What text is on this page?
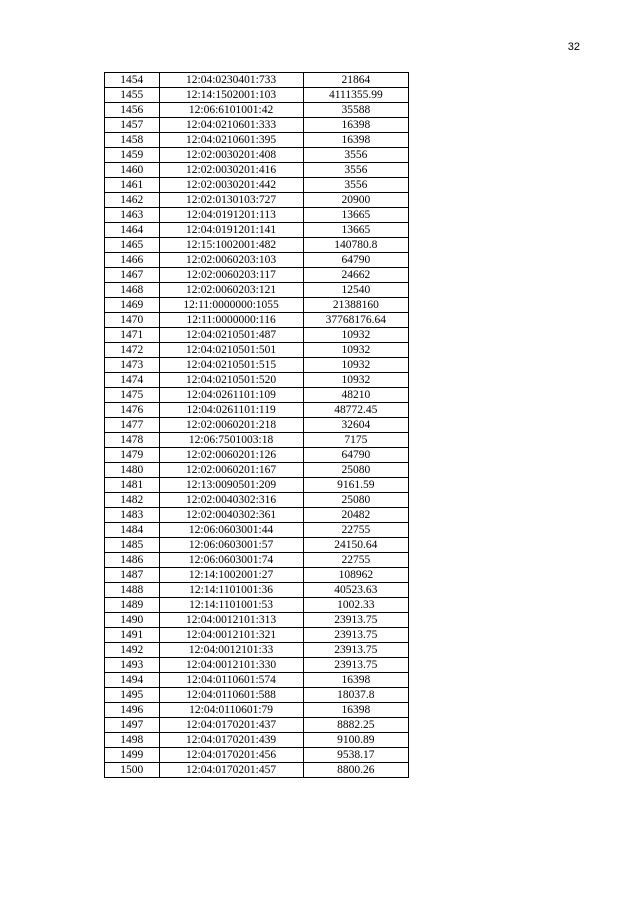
32
1454	12:04:0230401:733	21864
1455	12:14:1502001:103	4111355.99
1456	12:06:6101001:42	35588
1457	12:04:0210601:333	16398
1458	12:04:0210601:395	16398
1459	12:02:0030201:408	3556
1460	12:02:0030201:416	3556
1461	12:02:0030201:442	3556
1462	12:02:0130103:727	20900
1463	12:04:0191201:113	13665
1464	12:04:0191201:141	13665
1465	12:15:1002001:482	140780.8
1466	12:02:0060203:103	64790
1467	12:02:0060203:117	24662
1468	12:02:0060203:121	12540
1469	12:11:0000000:1055	21388160
1470	12:11:0000000:116	37768176.64
1471	12:04:0210501:487	10932
1472	12:04:0210501:501	10932
1473	12:04:0210501:515	10932
1474	12:04:0210501:520	10932
1475	12:04:0261101:109	48210
1476	12:04:0261101:119	48772.45
1477	12:02:0060201:218	32604
1478	12:06:7501003:18	7175
1479	12:02:0060201:126	64790
1480	12:02:0060201:167	25080
1481	12:13:0090501:209	9161.59
1482	12:02:0040302:316	25080
1483	12:02:0040302:361	20482
1484	12:06:0603001:44	22755
1485	12:06:0603001:57	24150.64
1486	12:06:0603001:74	22755
1487	12:14:1002001:27	108962
1488	12:14:1101001:36	40523.63
1489	12:14:1101001:53	1002.33
1490	12:04:0012101:313	23913.75
1491	12:04:0012101:321	23913.75
1492	12:04:0012101:33	23913.75
1493	12:04:0012101:330	23913.75
1494	12:04:0110601:574	16398
1495	12:04:0110601:588	18037.8
1496	12:04:0110601:79	16398
1497	12:04:0170201:437	8882.25
1498	12:04:0170201:439	9100.89
1499	12:04:0170201:456	9538.17
1500	12:04:0170201:457	8800.26
